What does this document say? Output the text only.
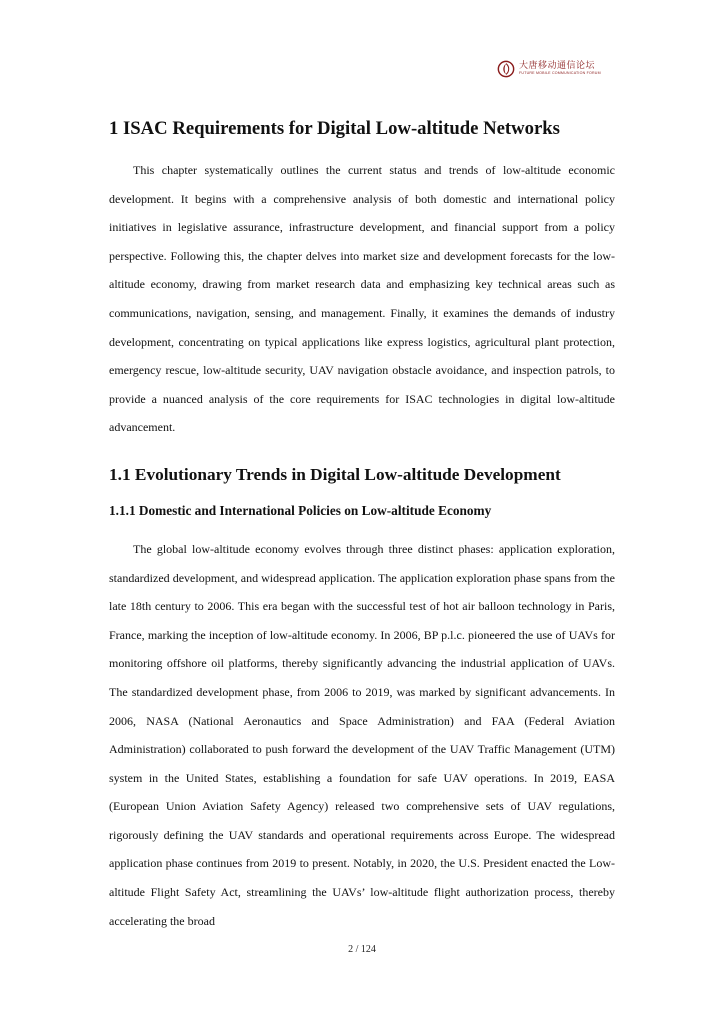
大唐移动通信论坛
FUTURE MOBILE COMMUNICATION FORUM
1 ISAC Requirements for Digital Low-altitude Networks

This chapter systematically outlines the current status and trends of low-altitude economic development. It begins with a comprehensive analysis of both domestic and international policy initiatives in legislative assurance, infrastructure development, and financial support from a policy perspective. Following this, the chapter delves into market size and development forecasts for the low-altitude economy, drawing from market research data and emphasizing key technical areas such as communications, navigation, sensing, and management. Finally, it examines the demands of industry development, concentrating on typical applications like express logistics, agricultural plant protection, emergency rescue, low-altitude security, UAV navigation obstacle avoidance, and inspection patrols, to provide a nuanced analysis of the core requirements for ISAC technologies in digital low-altitude advancement.

1.1 Evolutionary Trends in Digital Low-altitude Development
1.1.1 Domestic and International Policies on Low-altitude Economy

The global low-altitude economy evolves through three distinct phases: application exploration, standardized development, and widespread application. The application exploration phase spans from the late 18th century to 2006. This era began with the successful test of hot air balloon technology in Paris, France, marking the inception of low-altitude economy. In 2006, BP p.l.c. pioneered the use of UAVs for monitoring offshore oil platforms, thereby significantly advancing the industrial application of UAVs. The standardized development phase, from 2006 to 2019, was marked by significant advancements. In 2006, NASA (National Aeronautics and Space Administration) and FAA (Federal Aviation Administration) collaborated to push forward the development of the UAV Traffic Management (UTM) system in the United States, establishing a foundation for safe UAV operations. In 2019, EASA (European Union Aviation Safety Agency) released two comprehensive sets of UAV regulations, rigorously defining the UAV standards and operational requirements across Europe. The widespread application phase continues from 2019 to present. Notably, in 2020, the U.S. President enacted the Low-altitude Flight Safety Act, streamlining the UAVs’ low-altitude flight authorization process, thereby accelerating the broad

2 / 124
